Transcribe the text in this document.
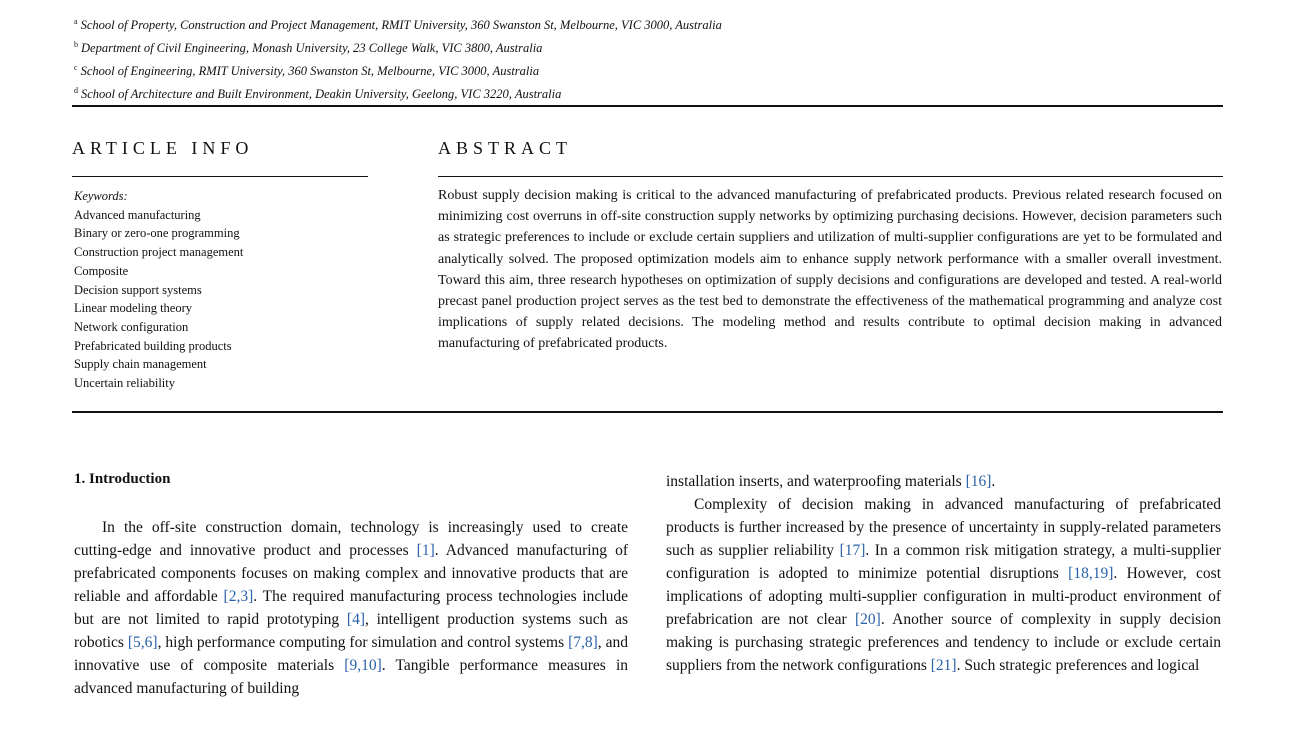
$^a$ School of Property, Construction and Project Management, RMIT University, 360 Swanston St, Melbourne, VIC 3000, Australia
$^b$ Department of Civil Engineering, Monash University, 23 College Walk, VIC 3800, Australia
$^c$ School of Engineering, RMIT University, 360 Swanston St, Melbourne, VIC 3000, Australia
$^d$ School of Architecture and Built Environment, Deakin University, Geelong, VIC 3220, Australia
ARTICLE INFO	ABSTRACT
Keywords:
Advanced manufacturing
Binary or zero-one programming
Construction project management
Composite
Decision support systems
Linear modeling theory
Network configuration
Prefabricated building products
Supply chain management
Uncertain reliability
Robust supply decision making is critical to the advanced manufacturing of prefabricated products. Previous related research focused on minimizing cost overruns in off-site construction supply networks by optimizing purchasing decisions. However, decision parameters such as strategic preferences to include or exclude certain suppliers and utilization of multi-supplier configurations are yet to be formulated and analytically solved. The proposed optimization models aim to enhance supply network performance with a smaller overall investment. Toward this aim, three research hypotheses on optimization of supply decisions and configurations are developed and tested. A real-world precast panel production project serves as the test bed to demonstrate the effectiveness of the mathematical programming and analyze cost implications of supply related decisions. The modeling method and results contribute to optimal decision making in advanced manufacturing of prefabricated products.
1. Introduction

In the off-site construction domain, technology is increasingly used to create cutting-edge and innovative product and processes [1]. Advanced manufacturing of prefabricated components focuses on making complex and innovative products that are reliable and affordable [2,3]. The required manufacturing process technologies include but are not limited to rapid prototyping [4], intelligent production systems such as robotics [5,6], high performance computing for simulation and control systems [7,8], and innovative use of composite materials [9,10]. Tangible performance measures in advanced manufacturing of building

installation inserts, and waterproofing materials [16].

Complexity of decision making in advanced manufacturing of prefabricated products is further increased by the presence of uncertainty in supply-related parameters such as supplier reliability [17]. In a common risk mitigation strategy, a multi-supplier configuration is adopted to minimize potential disruptions [18,19]. However, cost implications of adopting multi-supplier configuration in multi-product environment of prefabrication are not clear [20]. Another source of complexity in supply decision making is purchasing strategic preferences and tendency to include or exclude certain suppliers from the network configurations [21]. Such strategic preferences and logical
